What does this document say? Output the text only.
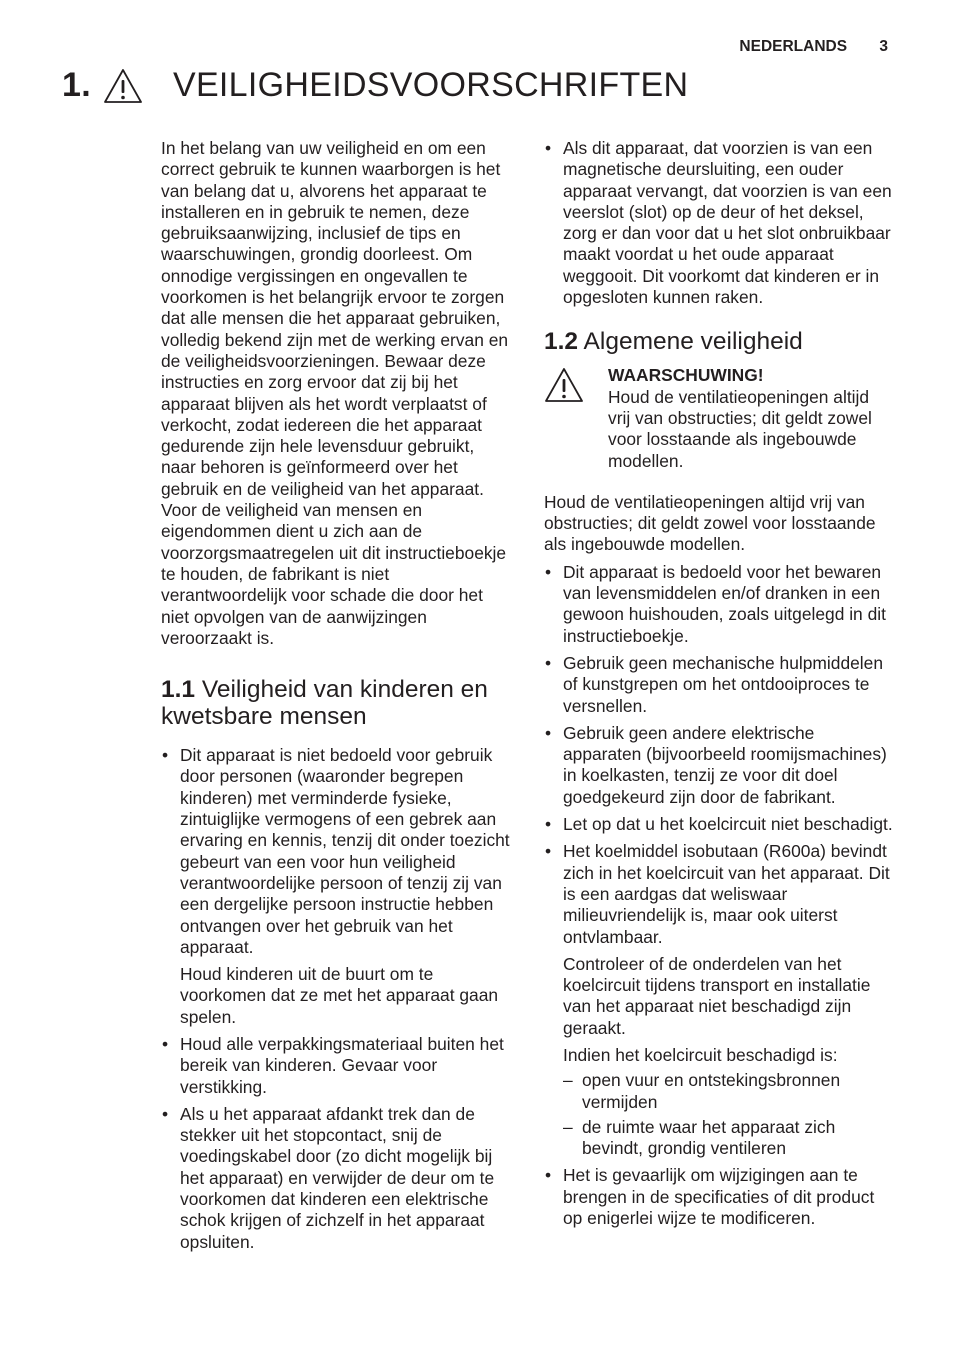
NEDERLANDS 3
1. VEILIGHEIDSVOORSCHRIFTEN

In het belang van uw veiligheid en om een correct gebruik te kunnen waarborgen is het van belang dat u, alvorens het apparaat te installeren en in gebruik te nemen, deze gebruiksaanwijzing, inclusief de tips en waarschuwingen, grondig doorleest. Om onnodige vergissingen en ongevallen te voorkomen is het belangrijk ervoor te zorgen dat alle mensen die het apparaat gebruiken, volledig bekend zijn met de werking ervan en de veiligheidsvoorzieningen. Bewaar deze instructies en zorg ervoor dat zij bij het apparaat blijven als het wordt verplaatst of verkocht, zodat iedereen die het apparaat gedurende zijn hele levensduur gebruikt, naar behoren is geïnformeerd over het gebruik en de veiligheid van het apparaat.

Voor de veiligheid van mensen en eigendommen dient u zich aan de voorzorgsmaatregelen uit dit instructieboekje te houden, de fabrikant is niet verantwoordelijk voor schade die door het niet opvolgen van de aanwijzingen veroorzaakt is.

1.1 Veiligheid van kinderen en kwetsbare mensen
• Dit apparaat is niet bedoeld voor gebruik door personen (waaronder begrepen kinderen) met verminderde fysieke, zintuiglijke vermogens of een gebrek aan ervaring en kennis, tenzij dit onder toezicht gebeurt van een voor hun veiligheid verantwoordelijke persoon of tenzij zij van een dergelijke persoon instructie hebben ontvangen over het gebruik van het apparaat.

Houd kinderen uit de buurt om te voorkomen dat ze met het apparaat gaan spelen.

• Houd alle verpakkingsmateriaal buiten het bereik van kinderen. Gevaar voor verstikking.
• Als u het apparaat afdankt trek dan de stekker uit het stopcontact, snij de voedingskabel door (zo dicht mogelijk bij het apparaat) en verwijder de deur om te voorkomen dat kinderen een elektrische schok krijgen of zichzelf in het apparaat opsluiten.
• Als dit apparaat, dat voorzien is van een magnetische deursluiting, een ouder apparaat vervangt, dat voorzien is van een veerslot (slot) op de deur of het deksel, zorg er dan voor dat u het slot onbruikbaar maakt voordat u het oude apparaat weggooit. Dit voorkomt dat kinderen er in opgesloten kunnen raken.
1.2 Algemene veiligheid
WAARSCHUWING!
Houd de ventilatieopeningen altijd vrij van obstructies; dit geldt zowel voor losstaande als ingebouwde modellen.

Houd de ventilatieopeningen altijd vrij van obstructies; dit geldt zowel voor losstaande als ingebouwde modellen.

• Dit apparaat is bedoeld voor het bewaren van levensmiddelen en/of dranken in een gewoon huishouden, zoals uitgelegd in dit instructieboekje.
• Gebruik geen mechanische hulpmiddelen of kunstgrepen om het ontdooiproces te versnellen.
• Gebruik geen andere elektrische apparaten (bijvoorbeeld roomijsmachines) in koelkasten, tenzij ze voor dit doel goedgekeurd zijn door de fabrikant.
• Let op dat u het koelcircuit niet beschadigt.
• Het koelmiddel isobutaan (R600a) bevindt zich in het koelcircuit van het apparaat. Dit is een aardgas dat weliswaar milieuvriendelijk is, maar ook uiterst ontvlambaar.

Controleer of de onderdelen van het koelcircuit tijdens transport en installatie van het apparaat niet beschadigd zijn geraakt.

Indien het koelcircuit beschadigd is:

– open vuur en ontstekingsbronnen vermijden
– de ruimte waar het apparaat zich bevindt, grondig ventileren
• Het is gevaarlijk om wijzigingen aan te brengen in de specificaties of dit product op enigerlei wijze te modificeren.
